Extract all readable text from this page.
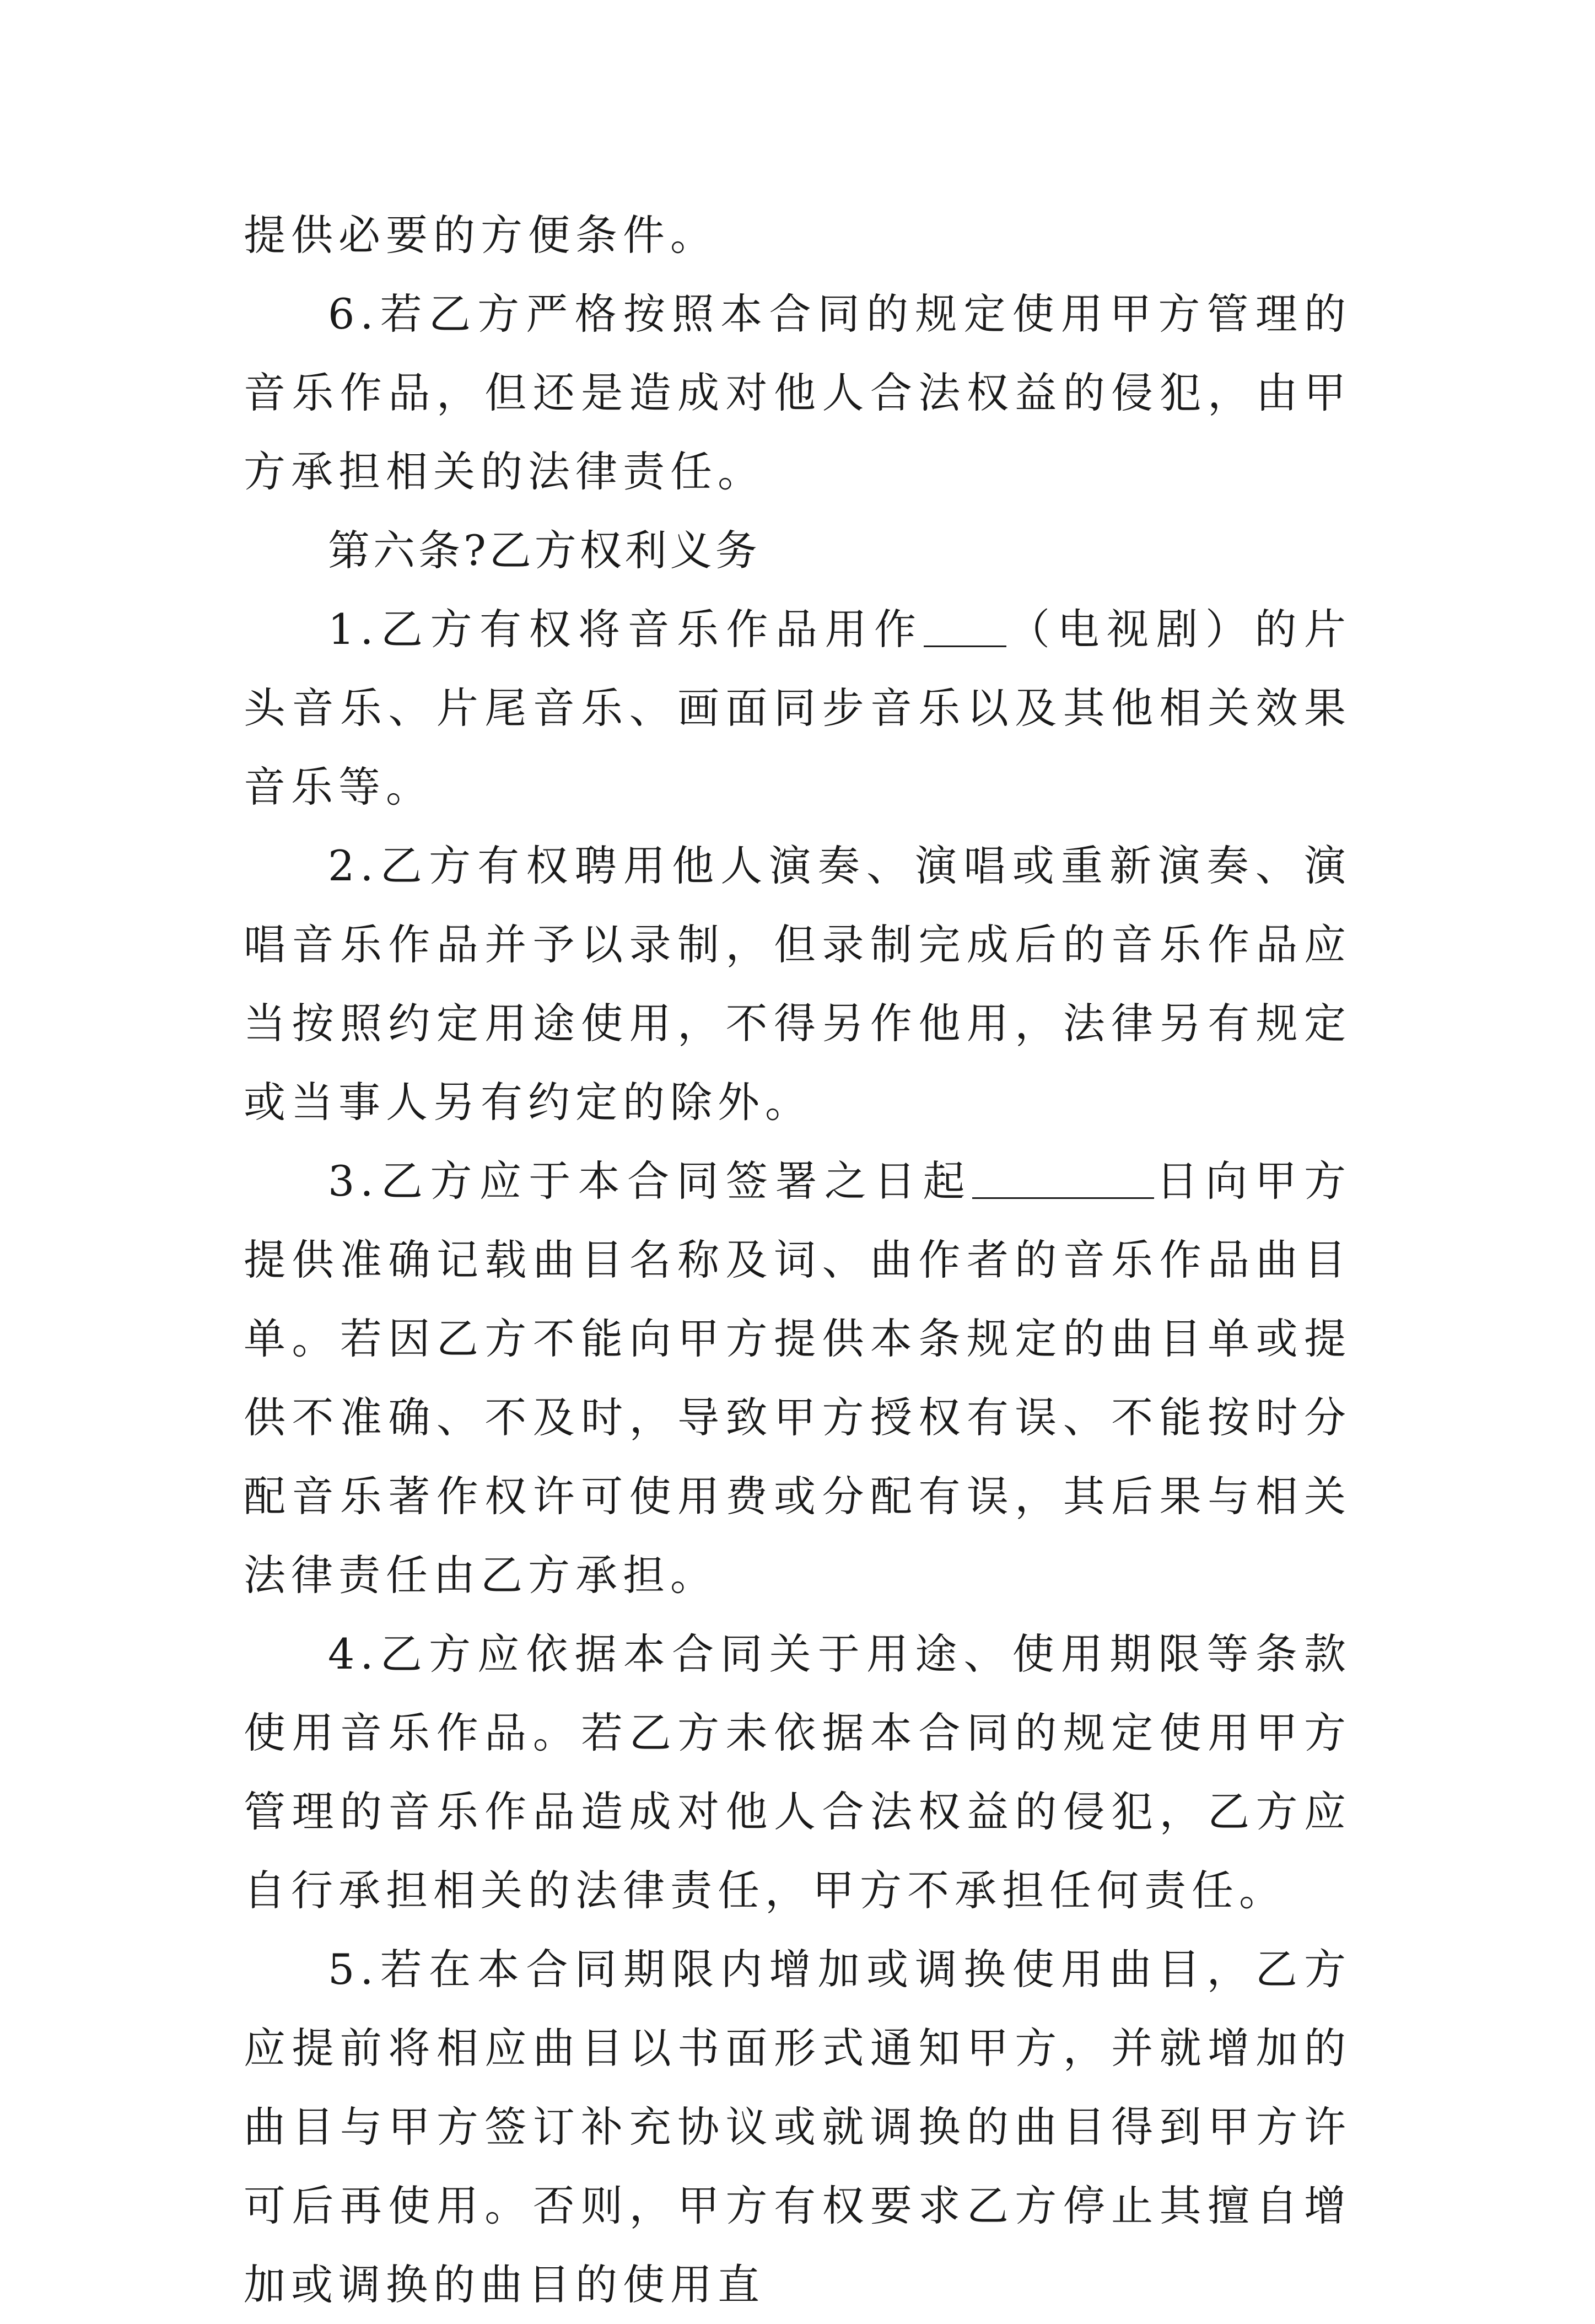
提供必要的方便条件。

6.若乙方严格按照本合同的规定使用甲方管理的音乐作品，但还是造成对他人合法权益的侵犯，由甲方承担相关的法律责任。

第六条?乙方权利义务

1.乙方有权将音乐作品用作 （电视剧）的片头音乐、片尾音乐、画面同步音乐以及其他相关效果音乐等。

2.乙方有权聘用他人演奏、演唱或重新演奏、演唱音乐作品并予以录制，但录制完成后的音乐作品应当按照约定用途使用，不得另作他用，法律另有规定或当事人另有约定的除外。

3.乙方应于本合同签署之日起	日向甲方提供准确记载曲目名称及词、曲作者的音乐作品曲目单。若因乙方不能向甲方提供本条规定的曲目单或提供不准确、不及时，导致甲方授权有误、不能按时分配音乐著作权许可使用费或分配有误，其后果与相关法律责任由乙方承担。

4.乙方应依据本合同关于用途、使用期限等条款使用音乐作品。若乙方未依据本合同的规定使用甲方管理的音乐作品造成对他人合法权益的侵犯，乙方应自行承担相关的法律责任，甲方不承担任何责任。

5.若在本合同期限内增加或调换使用曲目，乙方应提前将相应曲目以书面形式通知甲方，并就增加的曲目与甲方签订补充协议或就调换的曲目得到甲方许可后再使用。否则，甲方有权要求乙方停止其擅自增加或调换的曲目的使用直
